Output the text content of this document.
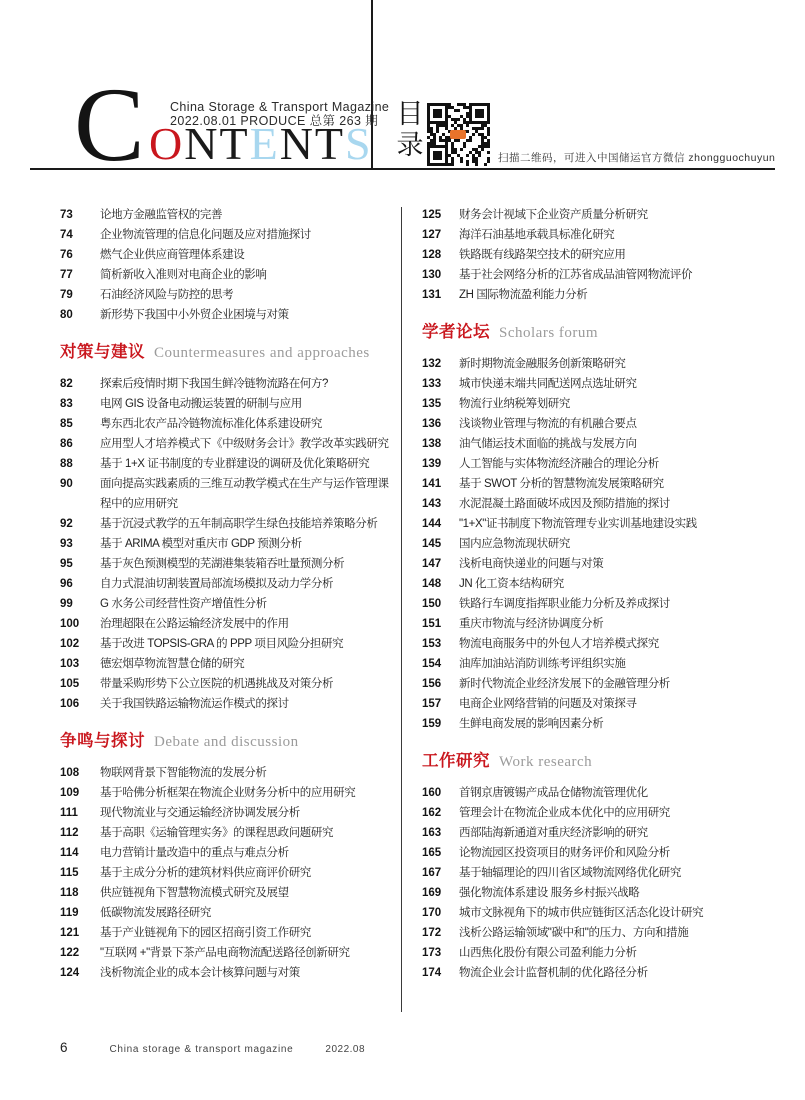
C China Storage & Transport Magazine
2022.08.01 PRODUCE 总第 263 期
ONTENTS
目
录	扫描二维码，可进入中国储运官方微信 zhongguochuyun
73	论地方金融监管权的完善
74	企业物流管理的信息化问题及应对措施探讨
76	燃气企业供应商管理体系建设
77	简析新收入准则对电商企业的影响
79	石油经济风险与防控的思考
80	新形势下我国中小外贸企业困境与对策
对策与建议 Countermeasures and approaches
82	探索后疫情时期下我国生鲜冷链物流路在何方?
83	电网 GIS 设备电动搬运装置的研制与应用
85	粤东西北农产品冷链物流标准化体系建设研究
86	应用型人才培养模式下《中级财务会计》教学改革实践研究
88	基于 1+X 证书制度的专业群建设的调研及优化策略研究
90	面向提高实践素质的三维互动教学模式在生产与运作管理课程中的应用研究
92	基于沉浸式教学的五年制高职学生绿色技能培养策略分析
93	基于 ARIMA 模型对重庆市 GDP 预测分析
95	基于灰色预测模型的芜湖港集装箱吞吐量预测分析
96	自力式混油切割装置局部流场模拟及动力学分析
99	G 水务公司经营性资产增值性分析
100	治理超限在公路运输经济发展中的作用
102	基于改进 TOPSIS-GRA 的 PPP 项目风险分担研究
103	德宏烟草物流智慧仓储的研究
105	带量采购形势下公立医院的机遇挑战及对策分析
106	关于我国铁路运输物流运作模式的探讨
争鸣与探讨 Debate and discussion
108	物联网背景下智能物流的发展分析
109	基于哈佛分析框架在物流企业财务分析中的应用研究
111	现代物流业与交通运输经济协调发展分析
112	基于高职《运输管理实务》的课程思政问题研究
114	电力营销计量改造中的重点与难点分析
115	基于主成分分析的建筑材料供应商评价研究
118	供应链视角下智慧物流模式研究及展望
119	低碳物流发展路径研究
121	基于产业链视角下的园区招商引资工作研究
122	"互联网 +"背景下茶产品电商物流配送路径创新研究
124	浅析物流企业的成本会计核算问题与对策
125	财务会计视域下企业资产质量分析研究
127	海洋石油基地承载具标准化研究
128	铁路既有线路架空技术的研究应用
130	基于社会网络分析的江苏省成品油管网物流评价
131	ZH 国际物流盈利能力分析
学者论坛 Scholars forum
132	新时期物流金融服务创新策略研究
133	城市快递末端共同配送网点选址研究
135	物流行业纳税筹划研究
136	浅谈物业管理与物流的有机融合要点
138	油气储运技术面临的挑战与发展方向
139	人工智能与实体物流经济融合的理论分析
141	基于 SWOT 分析的智慧物流发展策略研究
143	水泥混凝土路面破坏成因及预防措施的探讨
144	"1+X"证书制度下物流管理专业实训基地建设实践
145	国内应急物流现状研究
147	浅析电商快递业的问题与对策
148	JN 化工资本结构研究
150	铁路行车调度指挥职业能力分析及养成探讨
151	重庆市物流与经济协调度分析
153	物流电商服务中的外包人才培养模式探究
154	油库加油站消防训练考评组织实施
156	新时代物流企业经济发展下的金融管理分析
157	电商企业网络营销的问题及对策探寻
159	生鲜电商发展的影响因素分析
工作研究 Work research
160	首钢京唐镀锡产成品仓储物流管理优化
162	管理会计在物流企业成本优化中的应用研究
163	西部陆海新通道对重庆经济影响的研究
165	论物流园区投资项目的财务评价和风险分析
167	基于轴辐理论的四川省区域物流网络优化研究
169	强化物流体系建设 服务乡村振兴战略
170	城市文脉视角下的城市供应链街区活态化设计研究
172	浅析公路运输领域"碳中和"的压力、方向和措施
173	山西焦化股份有限公司盈利能力分析
174	物流企业会计监督机制的优化路径分析
6	China storage & transport magazine	2022.08
